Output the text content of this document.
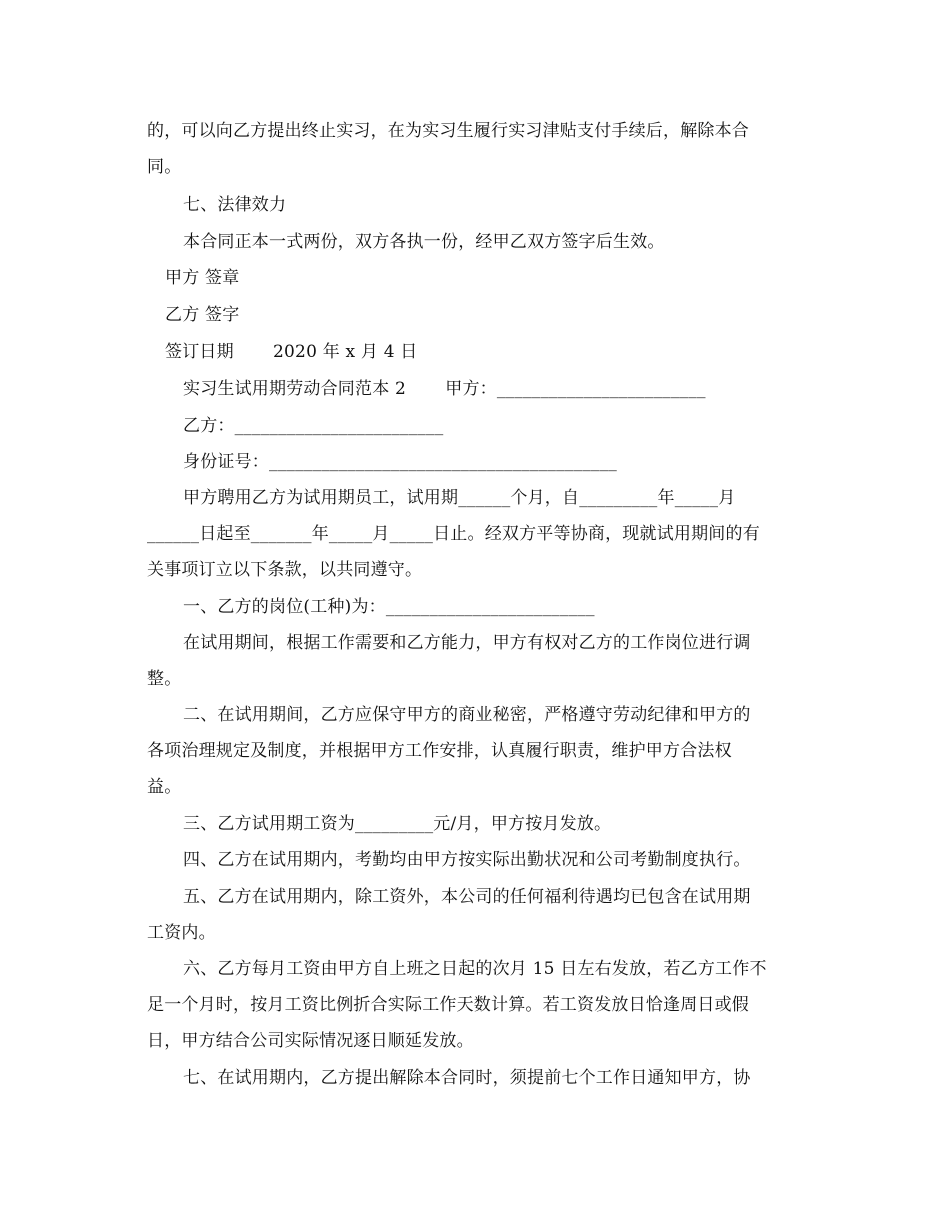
的，可以向乙方提出终止实习，在为实习生履行实习津贴支付手续后，解除本合
同。
七、法律效力
本合同正本一式两份，双方各执一份，经甲乙双方签字后生效。
甲方 签章
乙方 签字
签订日期       2020 年 x 月 4 日
实习生试用期劳动合同范本 2       甲方：________________________
乙方：________________________
身份证号：________________________________________
甲方聘用乙方为试用期员工，试用期______个月，自_________年_____月
______日起至_______年_____月_____日止。经双方平等协商，现就试用期间的有
关事项订立以下条款，以共同遵守。
一、乙方的岗位(工种)为：________________________
在试用期间，根据工作需要和乙方能力，甲方有权对乙方的工作岗位进行调
整。
二、在试用期间，乙方应保守甲方的商业秘密，严格遵守劳动纪律和甲方的
各项治理规定及制度，并根据甲方工作安排，认真履行职责，维护甲方合法权
益。
三、乙方试用期工资为_________元/月，甲方按月发放。
四、乙方在试用期内，考勤均由甲方按实际出勤状况和公司考勤制度执行。
五、乙方在试用期内，除工资外，本公司的任何福利待遇均已包含在试用期
工资内。
六、乙方每月工资由甲方自上班之日起的次月 15 日左右发放，若乙方工作不
足一个月时，按月工资比例折合实际工作天数计算。若工资发放日恰逢周日或假
日，甲方结合公司实际情况逐日顺延发放。
七、在试用期内，乙方提出解除本合同时，须提前七个工作日通知甲方，协
